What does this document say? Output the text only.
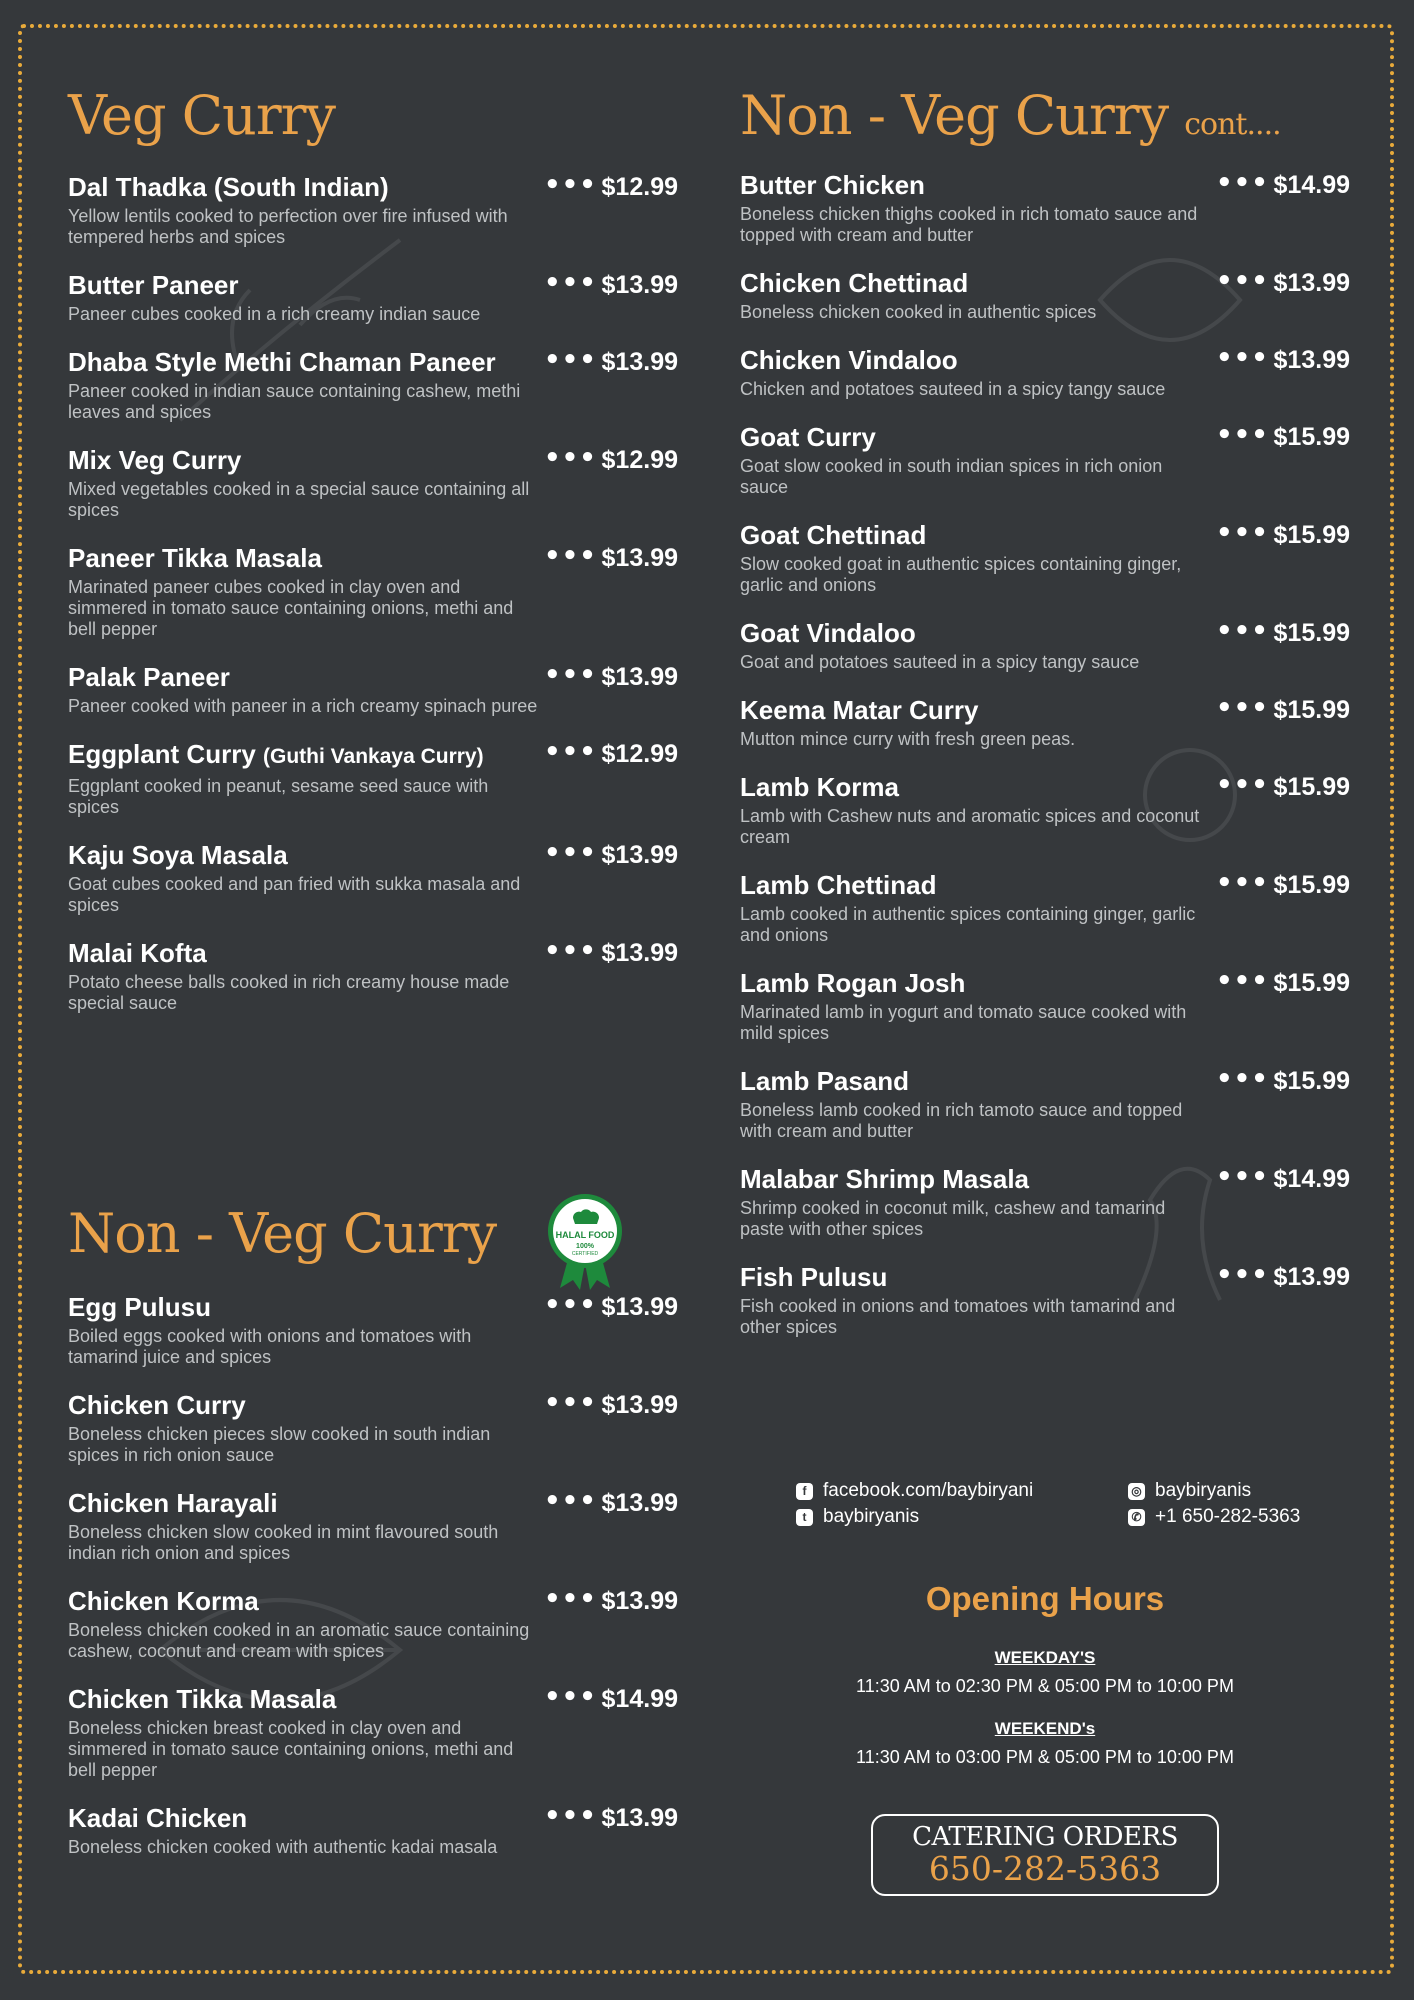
Veg Curry
Dal Thadka (South Indian)	••• $12.99
Yellow lentils cooked to perfection over fire infused with tempered herbs and spices
Butter Paneer	••• $13.99
Paneer cubes cooked in a rich creamy indian sauce
Dhaba Style Methi Chaman Paneer	••• $13.99
Paneer cooked in indian sauce containing cashew, methi leaves and spices
Mix Veg Curry	••• $12.99
Mixed vegetables cooked in a special sauce containing all spices
Paneer Tikka Masala	••• $13.99
Marinated paneer cubes cooked in clay oven and simmered in tomato sauce containing onions, methi and bell pepper
Palak Paneer	••• $13.99
Paneer cooked with paneer in a rich creamy spinach puree
Eggplant Curry (Guthi Vankaya Curry)	••• $12.99
Eggplant cooked in peanut, sesame seed sauce with spices
Kaju Soya Masala	••• $13.99
Goat cubes cooked and pan fried with sukka masala and spices
Malai Kofta	••• $13.99
Potato cheese balls cooked in rich creamy house made special sauce
Non - Veg Curry
Egg Pulusu	••• $13.99
Boiled eggs cooked with onions and tomatoes with tamarind juice and spices
Chicken Curry	••• $13.99
Boneless chicken pieces slow cooked in south indian spices in rich onion sauce
Chicken Harayali	••• $13.99
Boneless chicken slow cooked in mint flavoured south indian rich onion and spices
Chicken Korma	••• $13.99
Boneless chicken cooked in an aromatic sauce containing cashew, coconut and cream with spices
Chicken Tikka Masala	••• $14.99
Boneless chicken breast cooked in clay oven and simmered in tomato sauce containing onions, methi and bell pepper
Kadai Chicken	••• $13.99
Boneless chicken cooked with authentic kadai masala
HALAL FOOD
100%
CERTIFIED
Non - Veg Curry cont....
Butter Chicken	••• $14.99
Boneless chicken thighs cooked in rich tomato sauce and topped with cream and butter
Chicken Chettinad	••• $13.99
Boneless chicken cooked in authentic spices
Chicken Vindaloo	••• $13.99
Chicken and potatoes sauteed in a spicy tangy sauce
Goat Curry	••• $15.99
Goat slow cooked in south indian spices in rich onion sauce
Goat Chettinad	••• $15.99
Slow cooked goat in authentic spices containing ginger, garlic and onions
Goat Vindaloo	••• $15.99
Goat and potatoes sauteed in a spicy tangy sauce
Keema Matar Curry	••• $15.99
Mutton mince curry with fresh green peas.
Lamb Korma	••• $15.99
Lamb with Cashew nuts and aromatic spices and coconut cream
Lamb Chettinad	••• $15.99
Lamb cooked in authentic spices containing ginger, garlic and onions
Lamb Rogan Josh	••• $15.99
Marinated lamb in yogurt and tomato sauce cooked with mild spices
Lamb Pasand	••• $15.99
Boneless lamb cooked in rich tamoto sauce and topped with cream and butter
Malabar Shrimp Masala	••• $14.99
Shrimp cooked in coconut milk, cashew and tamarind paste with other spices
Fish Pulusu	••• $13.99
Fish cooked in onions and tomatoes with tamarind and other spices
f facebook.com/baybiryani
t baybiryanis
◎ baybiryanis
✆ +1 650-282-5363
Opening Hours
WEEKDAY'S
11:30 AM to 02:30 PM & 05:00 PM to 10:00 PM
WEEKEND's
11:30 AM to 03:00 PM & 05:00 PM to 10:00 PM
CATERING ORDERS
650-282-5363
